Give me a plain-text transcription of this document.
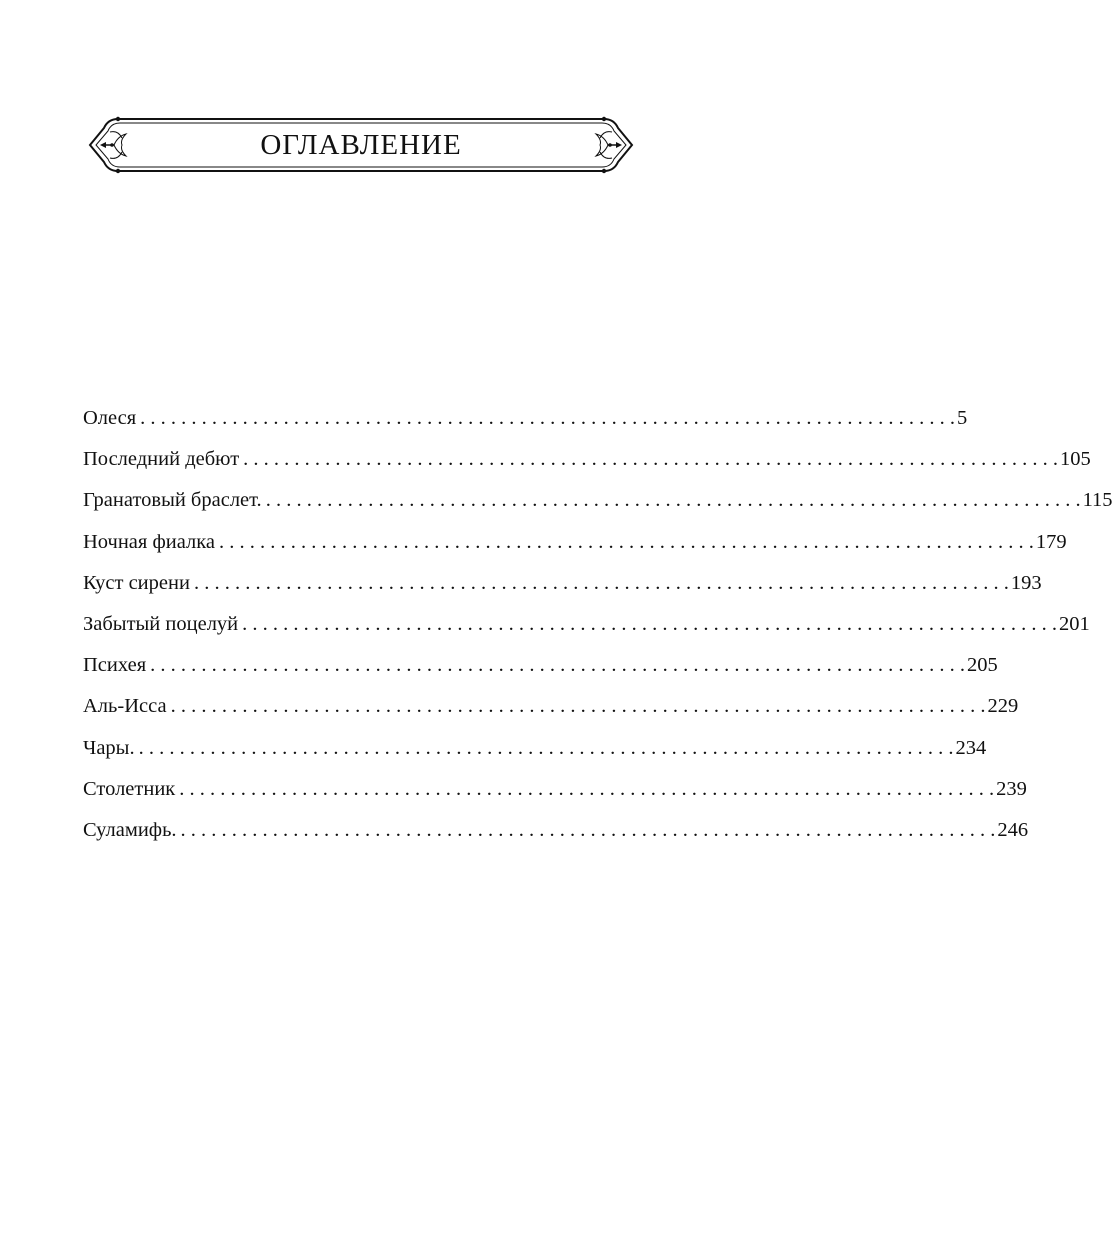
ОГЛАВЛЕНИЕ
Олеся . . . . . . . . . . . . . . . . . . . . . . . . . . . . . . . . . . . . . . . . . . . . . . . . . . . . . . . . . . . . . . . . . . . . . . . . . . . . . . . . 5
Последний дебют . . . . . . . . . . . . . . . . . . . . . . . . . . . . . . . . . . . . . . . . . . . . . . . . . . . . . . . . . . . . . . . . . . . . . . . . . . . . . . . . 105
Гранатовый браслет. . . . . . . . . . . . . . . . . . . . . . . . . . . . . . . . . . . . . . . . . . . . . . . . . . . . . . . . . . . . . . . . . . . . . . . . . . . . . . . . . 115
Ночная фиалка . . . . . . . . . . . . . . . . . . . . . . . . . . . . . . . . . . . . . . . . . . . . . . . . . . . . . . . . . . . . . . . . . . . . . . . . . . . . . . . . 179
Куст сирени . . . . . . . . . . . . . . . . . . . . . . . . . . . . . . . . . . . . . . . . . . . . . . . . . . . . . . . . . . . . . . . . . . . . . . . . . . . . . . . . 193
Забытый поцелуй . . . . . . . . . . . . . . . . . . . . . . . . . . . . . . . . . . . . . . . . . . . . . . . . . . . . . . . . . . . . . . . . . . . . . . . . . . . . . . . . 201
Психея . . . . . . . . . . . . . . . . . . . . . . . . . . . . . . . . . . . . . . . . . . . . . . . . . . . . . . . . . . . . . . . . . . . . . . . . . . . . . . . . 205
Аль-Исса . . . . . . . . . . . . . . . . . . . . . . . . . . . . . . . . . . . . . . . . . . . . . . . . . . . . . . . . . . . . . . . . . . . . . . . . . . . . . . . . 229
Чары. . . . . . . . . . . . . . . . . . . . . . . . . . . . . . . . . . . . . . . . . . . . . . . . . . . . . . . . . . . . . . . . . . . . . . . . . . . . . . . . . 234
Столетник . . . . . . . . . . . . . . . . . . . . . . . . . . . . . . . . . . . . . . . . . . . . . . . . . . . . . . . . . . . . . . . . . . . . . . . . . . . . . . . . 239
Суламифь. . . . . . . . . . . . . . . . . . . . . . . . . . . . . . . . . . . . . . . . . . . . . . . . . . . . . . . . . . . . . . . . . . . . . . . . . . . . . . . . . 246
